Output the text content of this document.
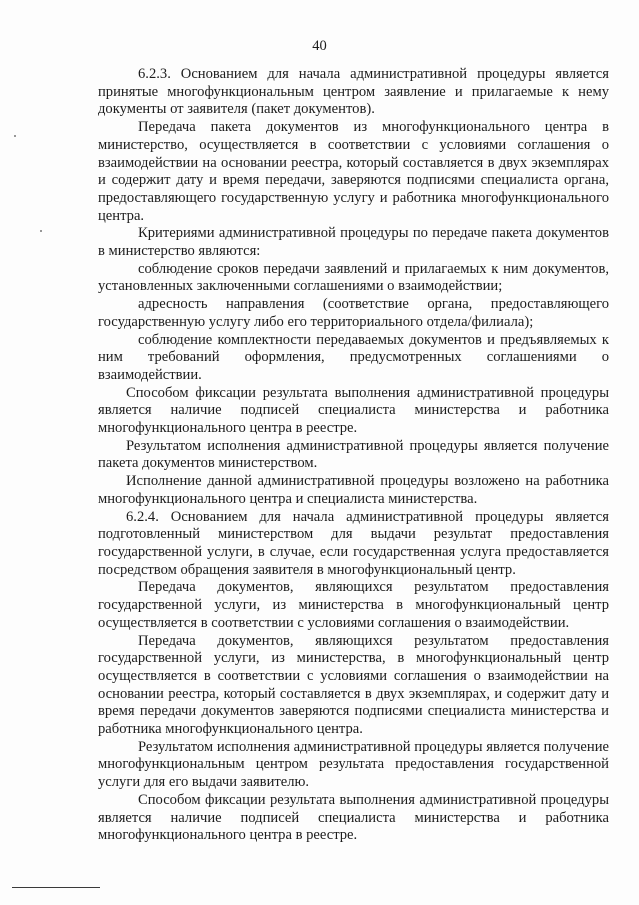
40

6.2.3. Основанием для начала административной процедуры является принятые многофункциональным центром заявление и прилагаемые к нему документы от заявителя (пакет документов).

Передача пакета документов из многофункционального центра в министерство, осуществляется в соответствии с условиями соглашения о взаимодействии на основании реестра, который составляется в двух экземплярах и содержит дату и время передачи, заверяются подписями специалиста органа, предоставляющего государственную услугу и работника многофункционального центра.

Критериями административной процедуры по передаче пакета документов в министерство являются:

соблюдение сроков передачи заявлений и прилагаемых к ним документов, установленных заключенными соглашениями о взаимодействии;

адресность направления (соответствие органа, предоставляющего государственную услугу либо его территориального отдела/филиала);

соблюдение комплектности передаваемых документов и предъявляемых к ним требований оформления, предусмотренных соглашениями о взаимодействии.

Способом фиксации результата выполнения административной процедуры является наличие подписей специалиста министерства и работника многофункционального центра в реестре.

Результатом исполнения административной процедуры является получение пакета документов министерством.

Исполнение данной административной процедуры возложено на работника многофункционального центра и специалиста министерства.

6.2.4. Основанием для начала административной процедуры является подготовленный министерством для выдачи результат предоставления государственной услуги, в случае, если государственная услуга предоставляется посредством обращения заявителя в многофункциональный центр.

Передача документов, являющихся результатом предоставления государственной услуги, из министерства в многофункциональный центр осуществляется в соответствии с условиями соглашения о взаимодействии.

Передача документов, являющихся результатом предоставления государственной услуги, из министерства, в многофункциональный центр осуществляется в соответствии с условиями соглашения о взаимодействии на основании реестра, который составляется в двух экземплярах, и содержит дату и время передачи документов заверяются подписями специалиста министерства и работника многофункционального центра.

Результатом исполнения административной процедуры является получение многофункциональным центром результата предоставления государственной услуги для его выдачи заявителю.

Способом фиксации результата выполнения административной процедуры является наличие подписей специалиста министерства и работника многофункционального центра в реестре.
